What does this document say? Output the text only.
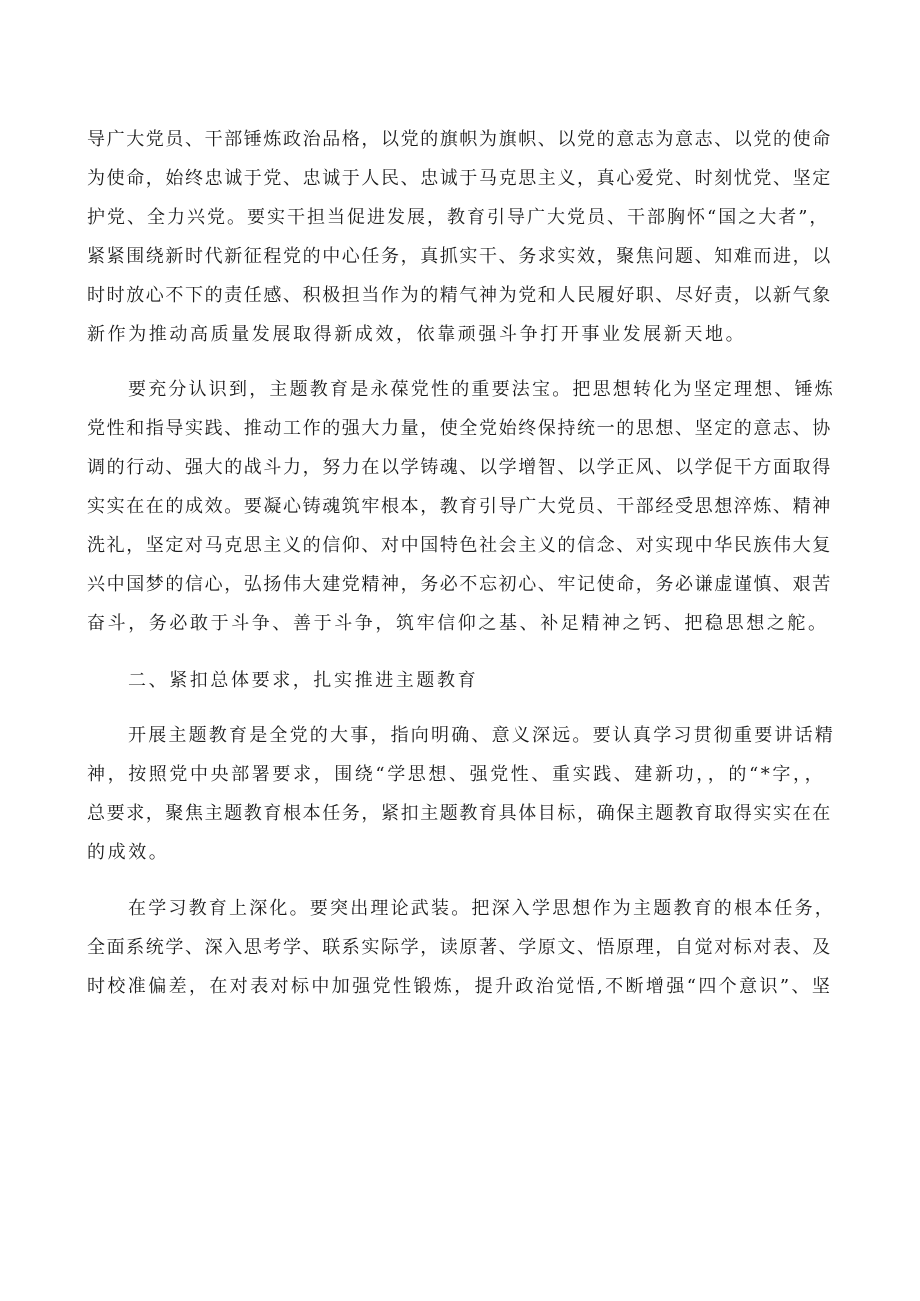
导广大党员、干部锤炼政治品格，以党的旗帜为旗帜、以党的意志为意志、以党的使命
为使命，始终忠诚于党、忠诚于人民、忠诚于马克思主义，真心爱党、时刻忧党、坚定
护党、全力兴党。要实干担当促进发展，教育引导广大党员、干部胸怀“国之大者”，
紧紧围绕新时代新征程党的中心任务，真抓实干、务求实效，聚焦问题、知难而进，以
时时放心不下的责任感、积极担当作为的精气神为党和人民履好职、尽好责，以新气象
新作为推动高质量发展取得新成效，依靠顽强斗争打开事业发展新天地。
要充分认识到，主题教育是永葆党性的重要法宝。把思想转化为坚定理想、锤炼
党性和指导实践、推动工作的强大力量，使全党始终保持统一的思想、坚定的意志、协
调的行动、强大的战斗力，努力在以学铸魂、以学增智、以学正风、以学促干方面取得
实实在在的成效。要凝心铸魂筑牢根本，教育引导广大党员、干部经受思想淬炼、精神
洗礼，坚定对马克思主义的信仰、对中国特色社会主义的信念、对实现中华民族伟大复
兴中国梦的信心，弘扬伟大建党精神，务必不忘初心、牢记使命，务必谦虚谨慎、艰苦
奋斗，务必敢于斗争、善于斗争，筑牢信仰之基、补足精神之钙、把稳思想之舵。
二、紧扣总体要求，扎实推进主题教育
开展主题教育是全党的大事，指向明确、意义深远。要认真学习贯彻重要讲话精
神，按照党中央部署要求，围绕“学思想、强党性、重实践、建新功，，的“*字，，
总要求，聚焦主题教育根本任务，紧扣主题教育具体目标，确保主题教育取得实实在在
的成效。
在学习教育上深化。要突出理论武装。把深入学思想作为主题教育的根本任务，
全面系统学、深入思考学、联系实际学，读原著、学原文、悟原理，自觉对标对表、及
时校准偏差，在对表对标中加强党性锻炼，提升政治觉悟,不断增强“四个意识”、坚
